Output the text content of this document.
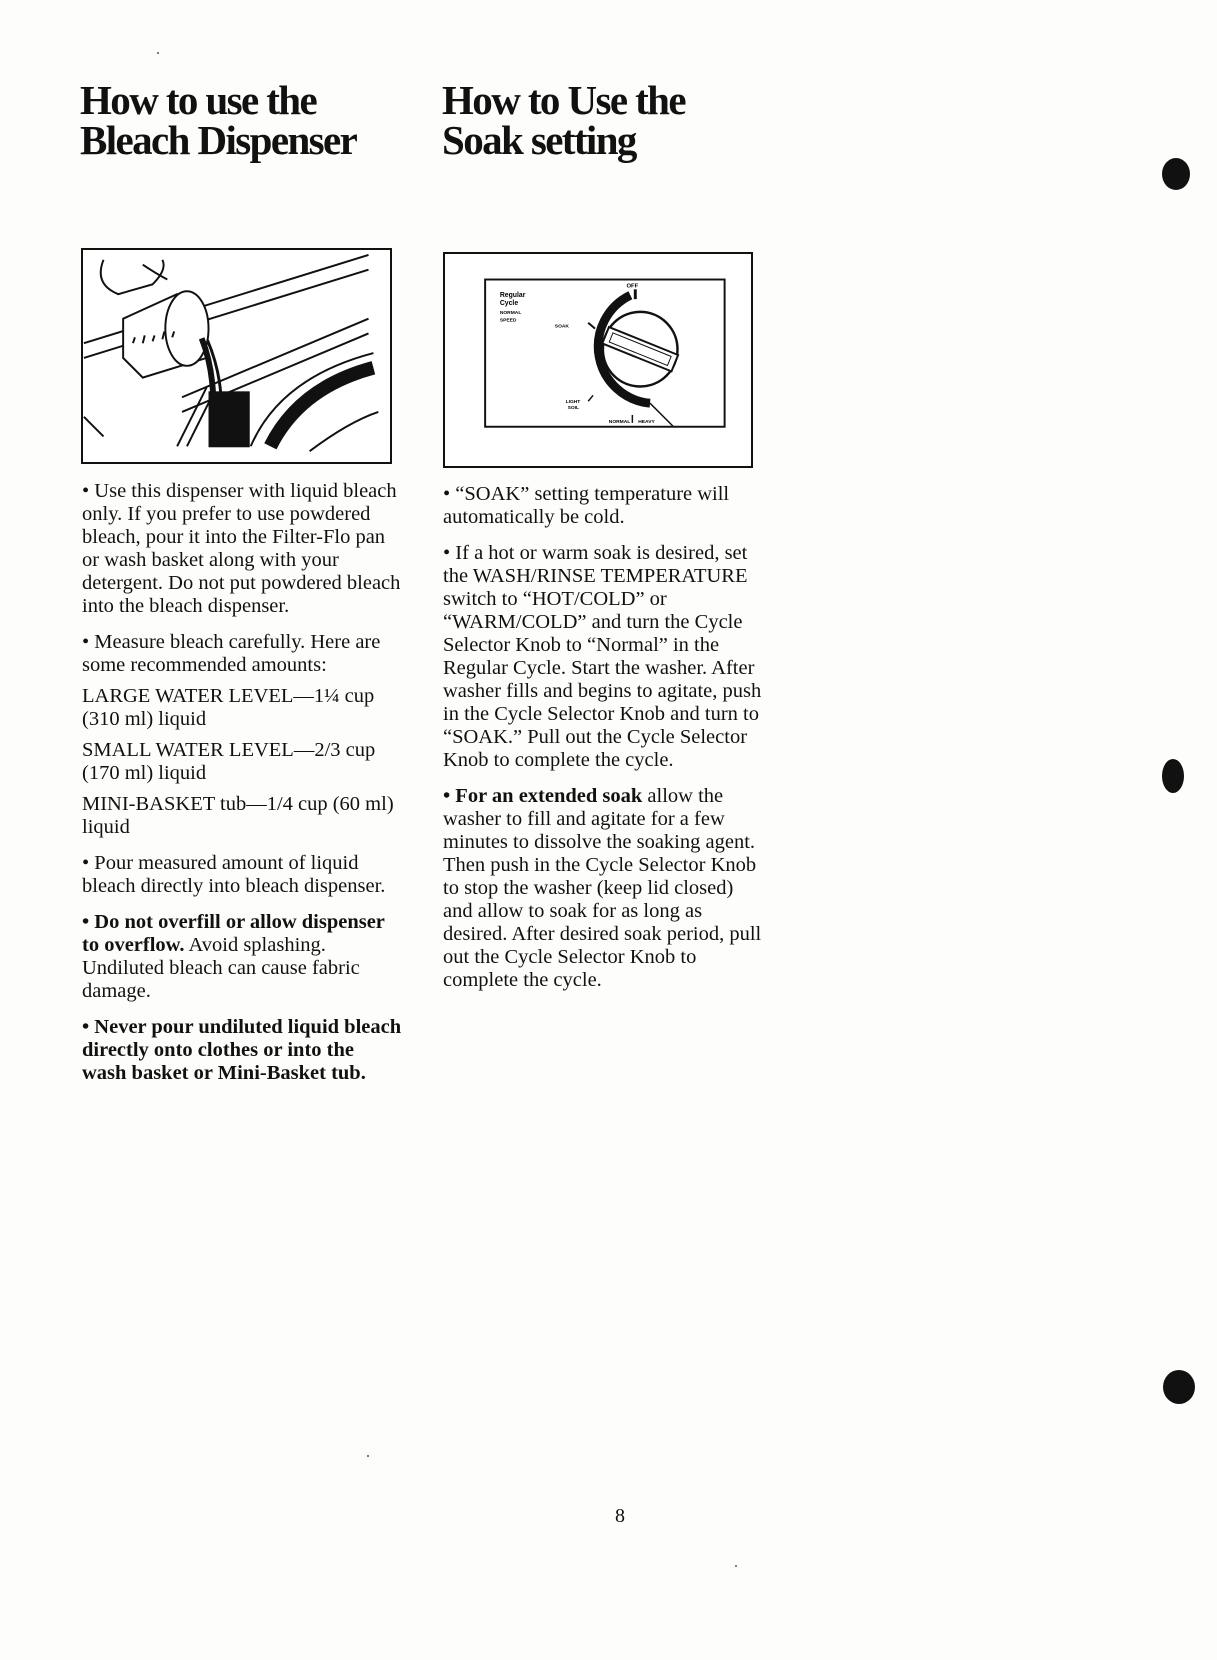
How to use the
Bleach Dispenser
How to Use the
Soak setting
Regular
Cycle
NORMAL
SPEED
OFF
SOAK
LIGHT
SOIL
NORMAL HEAVY

• Use this dispenser with liquid bleach only. If you prefer to use powdered bleach, pour it into the Filter-Flo pan or wash basket along with your detergent. Do not put powdered bleach into the bleach dispenser.

• Measure bleach carefully. Here are some recommended amounts:

LARGE WATER LEVEL—1¼ cup (310 ml) liquid

SMALL WATER LEVEL—2/3 cup (170 ml) liquid

MINI-BASKET tub—1/4 cup (60 ml) liquid

• Pour measured amount of liquid bleach directly into bleach dispenser.

• Do not overfill or allow dispenser to overflow. Avoid splashing. Undiluted bleach can cause fabric damage.

• Never pour undiluted liquid bleach directly onto clothes or into the wash basket or Mini-Basket tub.

• “SOAK” setting temperature will automatically be cold.

• If a hot or warm soak is desired, set the WASH/RINSE TEMPERATURE switch to “HOT/COLD” or “WARM/COLD” and turn the Cycle Selector Knob to “Normal” in the Regular Cycle. Start the washer. After washer fills and begins to agitate, push in the Cycle Selector Knob and turn to “SOAK.” Pull out the Cycle Selector Knob to complete the cycle.

• For an extended soak allow the washer to fill and agitate for a few minutes to dissolve the soaking agent. Then push in the Cycle Selector Knob to stop the washer (keep lid closed) and allow to soak for as long as desired. After desired soak period, pull out the Cycle Selector Knob to complete the cycle.

8
